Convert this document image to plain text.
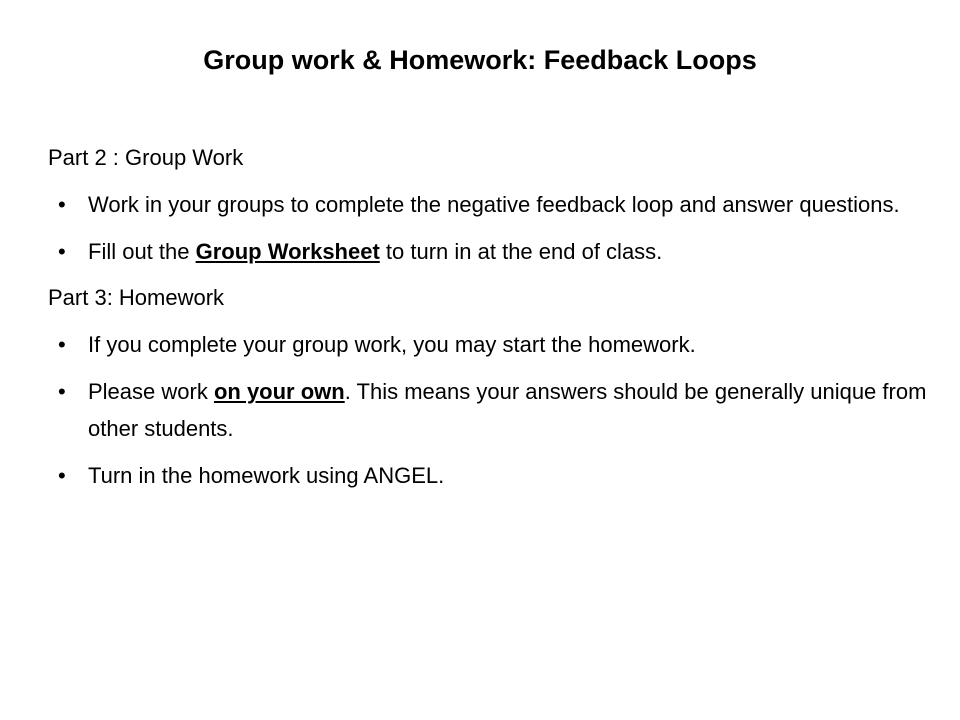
Group work & Homework: Feedback Loops

Part 2 : Group Work

• Work in your groups to complete the negative feedback loop and answer questions.
• Fill out the Group Worksheet to turn in at the end of class.

Part 3: Homework

• If you complete your group work, you may start the homework.
• Please work on your own. This means your answers should be generally unique from other students.
• Turn in the homework using ANGEL.
